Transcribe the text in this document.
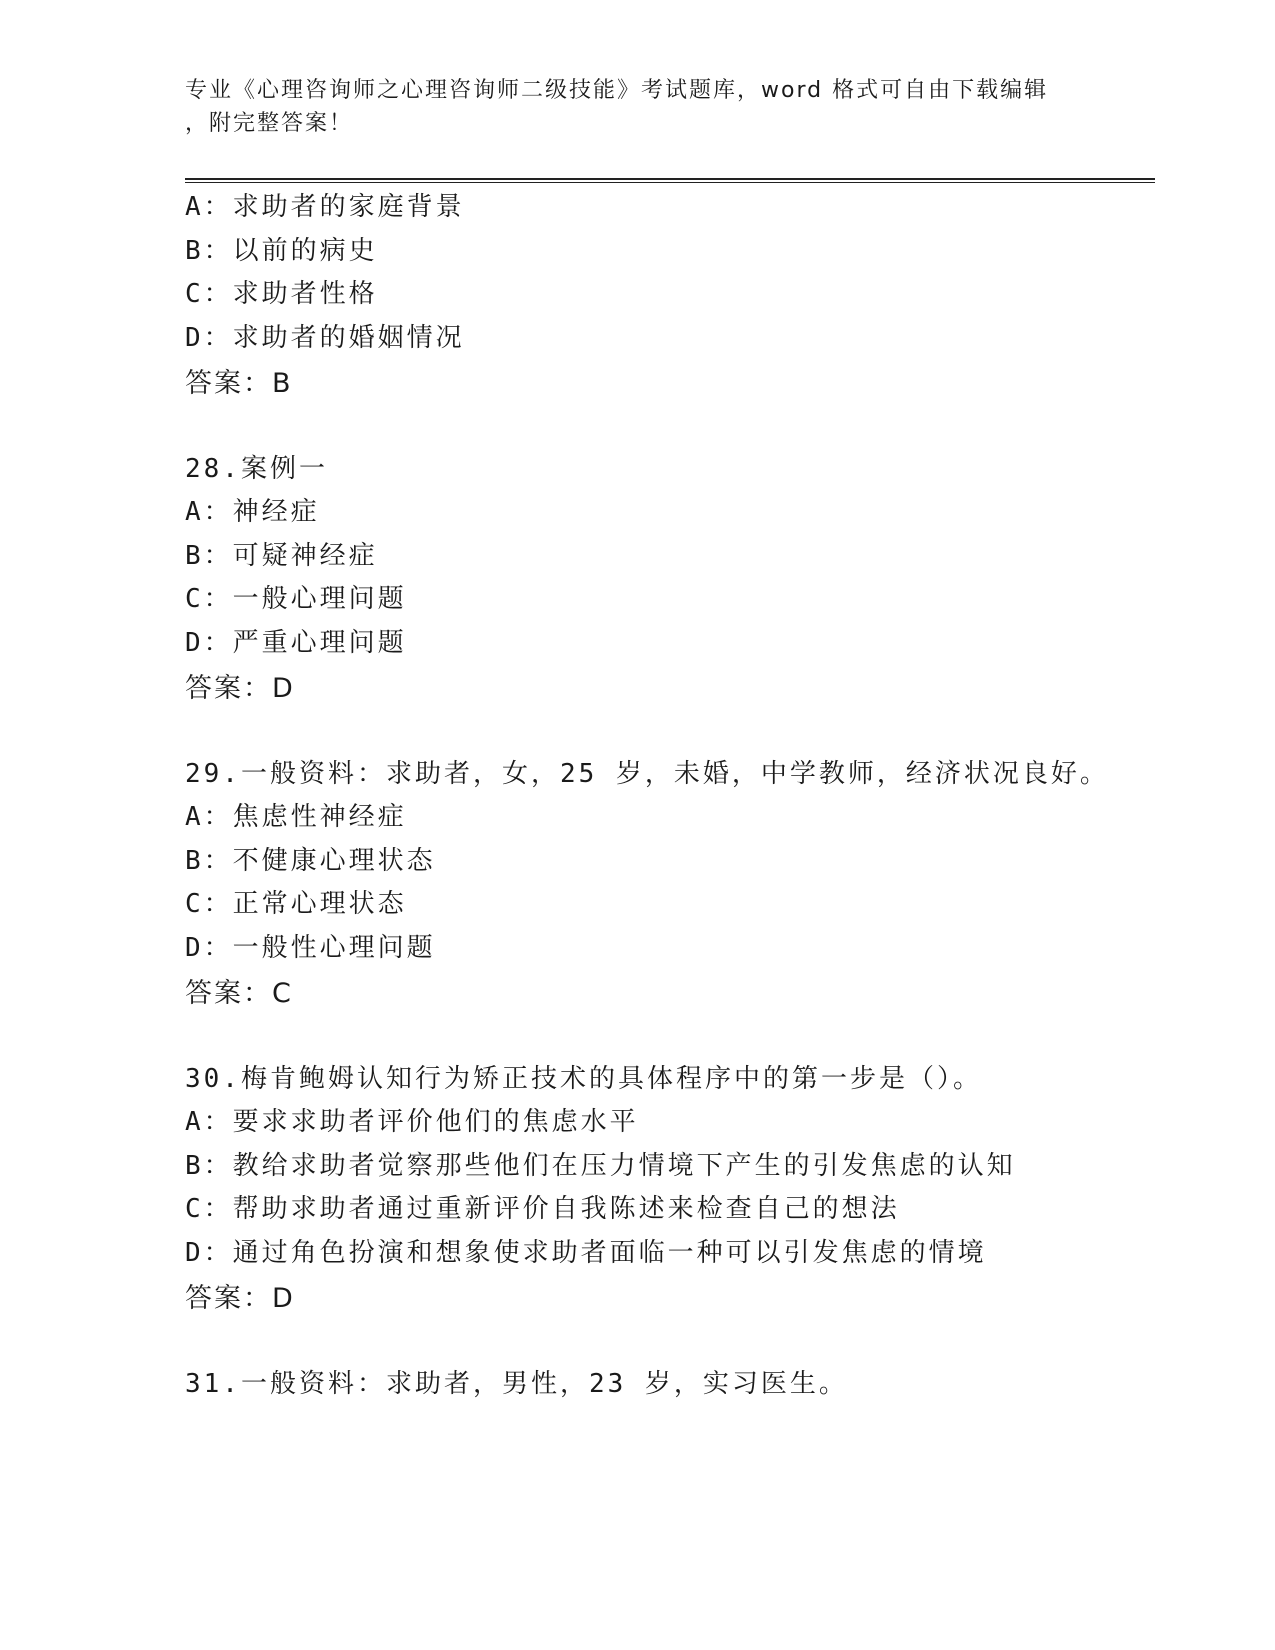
专业《心理咨询师之心理咨询师二级技能》考试题库，word 格式可自由下载编辑
，附完整答案！
A：求助者的家庭背景
B：以前的病史
C：求助者性格
D：求助者的婚姻情况
答案：B
28.案例一
A：神经症
B：可疑神经症
C：一般心理问题
D：严重心理问题
答案：D
29.一般资料：求助者，女，25 岁，未婚，中学教师，经济状况良好。
A：焦虑性神经症
B：不健康心理状态
C：正常心理状态
D：一般性心理问题
答案：C
30.梅肯鲍姆认知行为矫正技术的具体程序中的第一步是（）。
A：要求求助者评价他们的焦虑水平
B：教给求助者觉察那些他们在压力情境下产生的引发焦虑的认知
C：帮助求助者通过重新评价自我陈述来检查自己的想法
D：通过角色扮演和想象使求助者面临一种可以引发焦虑的情境
答案：D
31.一般资料：求助者，男性，23 岁，实习医生。
